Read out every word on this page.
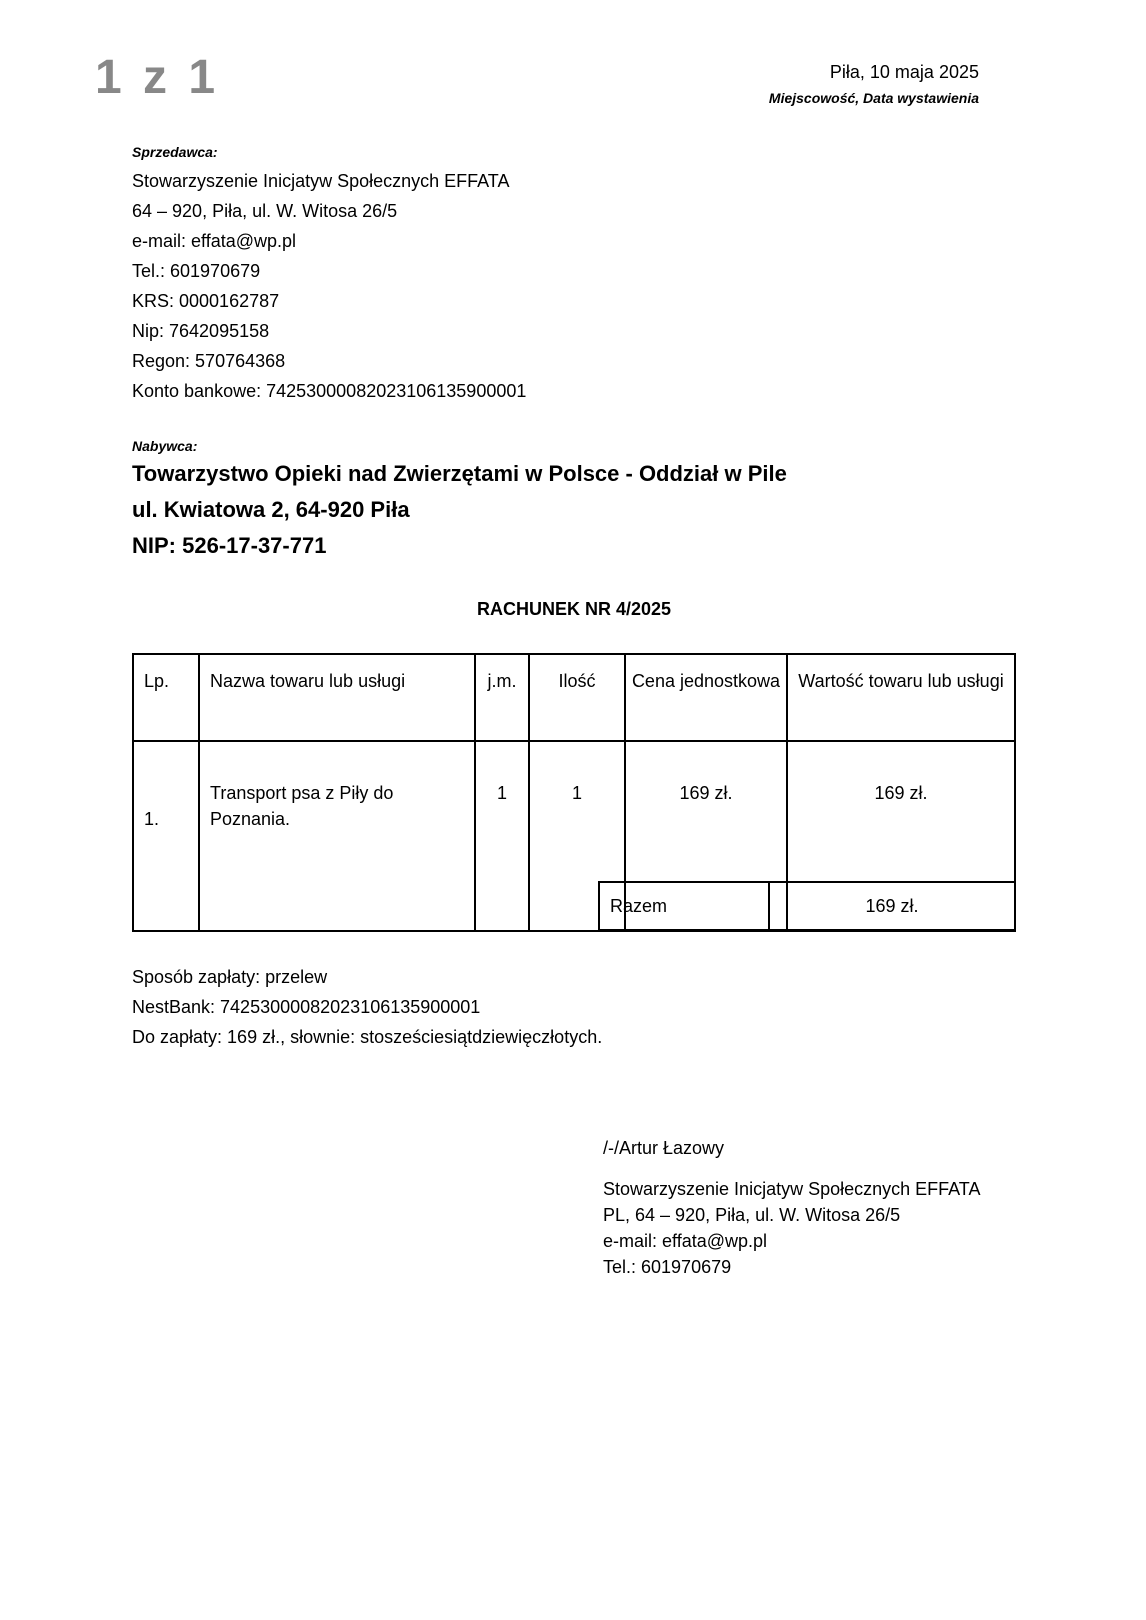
1 z 1	Piła, 10 maja 2025
Miejscowość, Data wystawienia
Sprzedawca:
Stowarzyszenie Inicjatyw Społecznych EFFATA
64 – 920, Piła, ul. W. Witosa 26/5
e-mail: effata@wp.pl
Tel.: 601970679
KRS: 0000162787
Nip: 7642095158
Regon: 570764368
Konto bankowe: 74253000082023106135900001
Nabywca:
Towarzystwo Opieki nad Zwierzętami w Polsce - Oddział w Pile
ul. Kwiatowa 2, 64-920 Piła
NIP: 526-17-37-771
RACHUNEK NR 4/2025
Lp.	Nazwa towaru lub usługi	j.m.	Ilość	Cena jednostkowa	Wartość towaru lub usługi
1.	Transport psa z Piły do Poznania.	1	1	169 zł.	169 zł.
Razem	169 zł.
Sposób zapłaty: przelew
NestBank: 74253000082023106135900001
Do zapłaty: 169 zł., słownie: stosześciesiątdziewięczłotych.
/-/Artur Łazowy
Stowarzyszenie Inicjatyw Społecznych EFFATA
PL, 64 – 920, Piła, ul. W. Witosa 26/5
e-mail: effata@wp.pl
Tel.: 601970679
